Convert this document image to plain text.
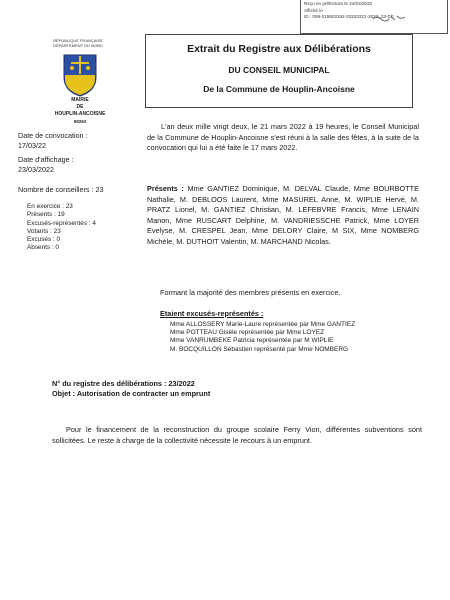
Reçu en préfecture le 24/03/2022
Affiché le
ID : 059-215903162-20220321-2022_23-DE
RÉPUBLIQUE FRANÇAISE
DÉPARTEMENT DU NORD
MAIRIE
DE
HOUPLIN-ANCOISNE
59263
Extrait du Registre aux Délibérations
DU CONSEIL MUNICIPAL
De la Commune de Houplin-Ancoisne
Date de convocation :
17/03/22
Date d'affichage :
23/03/2022
Nombre de conseillers : 23
En exercice : 23
Présents : 19
Excusés-représentés : 4
Votants : 23
Excusés : 0
Absents : 0
L'an deux mille vingt deux, le 21 mars 2022 à 19 heures, le Conseil Municipal de la Commune de Houplin-Ancoisne s'est réuni à la salle des fêtes, à la suite de la convocation qui lui a été faite le 17 mars 2022.
Présents : Mme GANTIEZ Dominique, M. DELVAL Claude, Mme BOURBOTTE Nathalie, M. DEBLOOS Laurent, Mme MASUREL Anne, M. WIPLIE Hervé, M. PRATZ Lionel, M. GANTIEZ Christian, M. LEFEBVRE Francis, Mme LENAIN Manon, Mme RUSCART Delphine, M. VANDRIESSCHE Patrick, Mme LOYER Evelyse, M. CRESPEL Jean, Mme DELORY Claire, M SIX, Mme NOMBERG Michèle, M. DUTHOIT Valentin, M. MARCHAND Nicolas.
Formant la majorité des membres présents en exercice.
Etaient excusés-représentés :
Mme ALLOSSERY Marie-Laure représentée par Mme GANTIEZ
Mme POTTEAU Gisèle représentée par Mme LOYEZ
Mme VANRUMBEKE Patricia représentée par M WIPLIE
M. BOCQUILLON Sébastien représenté par Mme NOMBERG
N° du registre des délibérations : 23/2022
Objet : Autorisation de contracter un emprunt
Pour le financement de la reconstruction du groupe scolaire Ferry Vion, différentes subventions sont sollicitées. Le reste à charge de la collectivité nécessite le recours à un emprunt.
